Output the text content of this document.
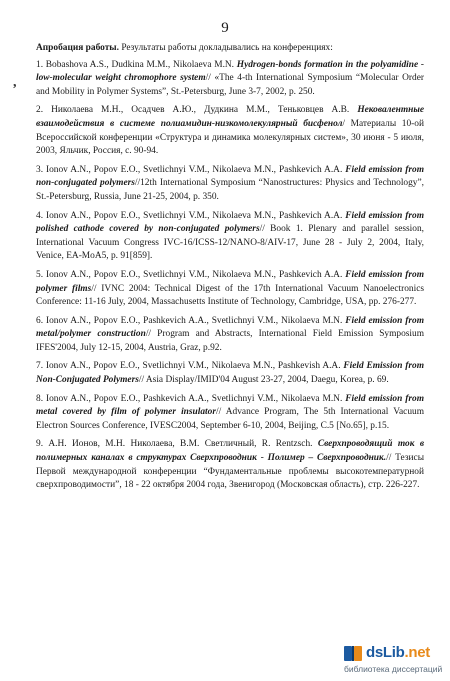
9
,

Апробация работы. Результаты работы докладывались на конференциях:

1. Bobashova A.S., Dudkina M.M., Nikolaeva M.N. Hydrogen-bonds formation in the polyamidine - low-molecular weight chromophore system// «The 4-th International Symposium “Molecular Order and Mobility in Polymer Systems”, St.-Petersburg, June 3-7, 2002, p. 250.

2. Николаева М.Н., Осадчев А.Ю., Дудкина М.М., Теньковцев А.В. Нековалентные взаимодействия в системе полиамидин-низкомолекулярный бисфенол/ Материалы 10-ой Всероссийской конференции «Структура и динамика молекулярных систем», 30 июня - 5 июля, 2003, Яльчик, Россия, с. 90-94.

3. Ionov A.N., Popov E.O., Svetlichnyi V.M., Nikolaeva M.N., Pashkevich A.A. Field emission from non-conjugated polymers//12th International Symposium “Nanostructures: Physics and Technology”, St.-Petersburg, Russia, June 21-25, 2004, p. 350.

4. Ionov A.N., Popov E.O., Svetlichnyi V.M., Nikolaeva M.N., Pashkevich A.A. Field emission from polished cathode covered by non-conjugated polymers// Book 1. Plenary and parallel session, International Vacuum Congress IVC-16/ICSS-12/NANO-8/AIV-17, June 28 - July 2, 2004, Italy, Venice, EA-MoA5, p. 91[859].

5. Ionov A.N., Popov E.O., Svetlichnyi V.M., Nikolaeva M.N., Pashkevich A.A. Field emission from polymer films// IVNC 2004: Technical Digest of the 17th International Vacuum Nanoelectronics Conference: 11-16 July, 2004, Massachusetts Institute of Technology, Cambridge, USA, pp. 276-277.

6. Ionov A.N., Popov E.O., Pashkevich A.A., Svetlichnyi V.M., Nikolaeva M.N. Field emission from metal/polymer construction// Program and Abstracts, International Field Emission Symposium IFES'2004, July 12-15, 2004, Austria, Graz, p.92.

7. Ionov A.N., Popov E.O., Svetlichnyi V.M., Nikolaeva M.N., Pashkevish A.A. Field Emission from Non-Conjugated Polymers// Asia Display/IMID'04 August 23-27, 2004, Daegu, Korea, p. 69.

8. Ionov A.N., Popov E.O., Pashkevich A.A., Svetlichnyi V.M., Nikolaeva M.N. Field emission from metal covered by film of polymer insulator// Advance Program, The 5th International Vacuum Electron Sources Conference, IVESC2004, September 6-10, 2004, Beijing, C.5 [No.65], p.15.

9. А.Н. Ионов, М.Н. Николаева, В.М. Светличный, R. Rentzsch. Сверхпроводящий ток в полимерных каналах в структурах Сверхпроводник - Полимер – Сверхпроводник.// Тезисы Первой международной конференции “Фундаментальные проблемы высокотемпературной сверхпроводимости”, 18 - 22 октября 2004 года, Звенигород (Московская область), стр. 226-227.

dsLib.net
библиотека диссертаций
